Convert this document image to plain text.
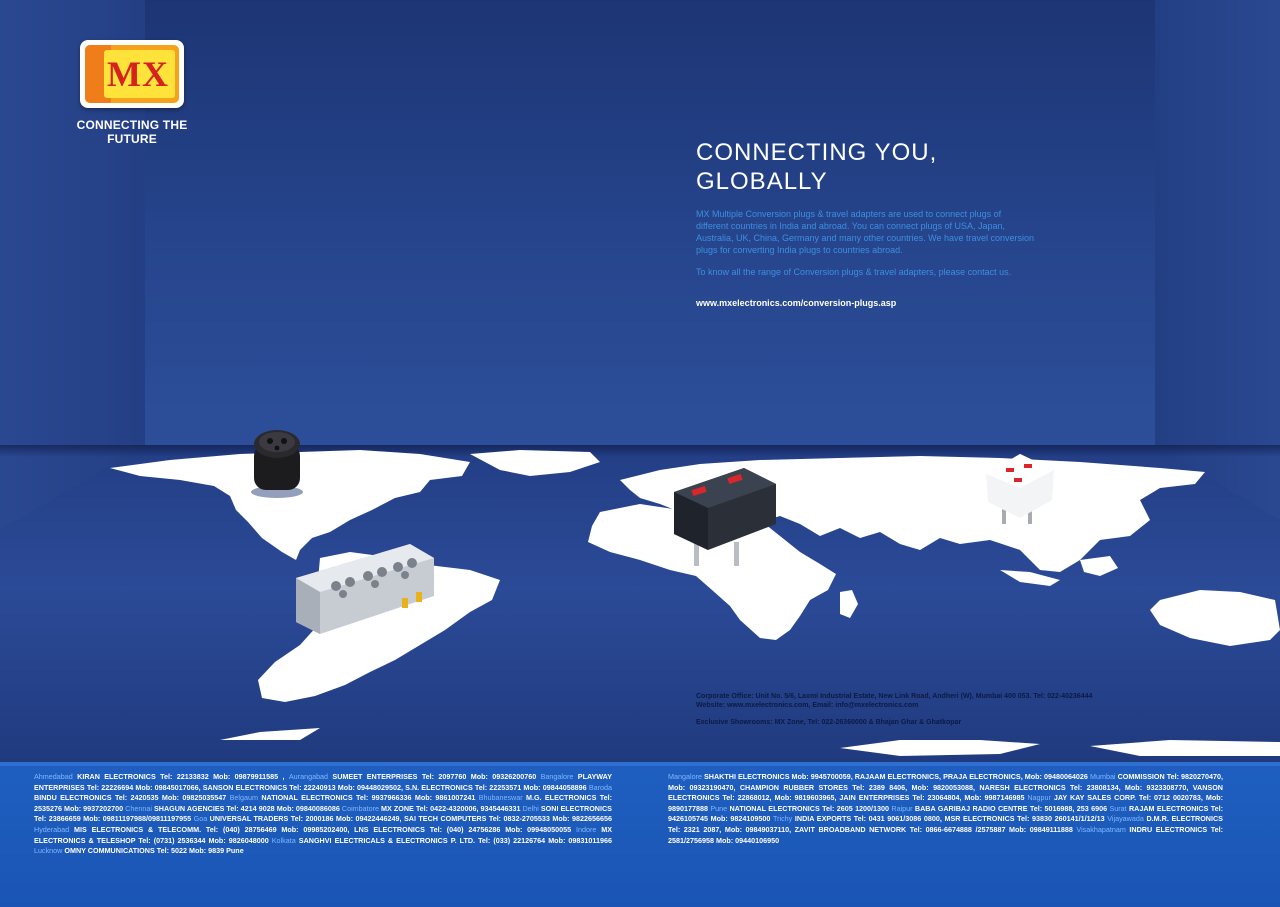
MX
CONNECTING THE FUTURE	CONNECTING YOU,
GLOBALLY

MX Multiple Conversion plugs & travel adapters are used to connect plugs of different countries in India and abroad. You can connect plugs of USA, Japan, Australia, UK, China, Germany and many other countries. We have travel conversion plugs for converting India plugs to countries abroad.

To know all the range of Conversion plugs & travel adapters, please contact us.

www.mxelectronics.com/conversion-plugs.asp

Corporate Office: Unit No. 5/6, Laxmi Industrial Estate, New Link Road, Andheri (W), Mumbai 400 053. Tel: 022-40236444
Website: www.mxelectronics.com, Email: info@mxelectronics.com

Exclusive Showrooms: MX Zone, Tel: 022-26360000 & Bhajan Ghar & Ghatkopar

Ahmedabad KIRAN ELECTRONICS Tel: 22133832 Mob: 09879911585 , Aurangabad SUMEET ENTERPRISES Tel: 2097760 Mob: 09326200760 Bangalore PLAYWAY ENTERPRISES Tel: 22226694 Mob: 09845017066, SANSON ELECTRONICS Tel: 22240913 Mob: 09448029502, S.N. ELECTRONICS Tel: 22253571 Mob: 09844058896 Baroda BINDU ELECTRONICS Tel: 2420535 Mob: 09825035547 Belgaum NATIONAL ELECTRONICS Tel: 9937966336 Mob: 9861007241 Bhubaneswar M.G. ELECTRONICS Tel: 2535276 Mob: 9937202700 Chennai SHAGUN AGENCIES Tel: 4214 9028 Mob: 09840086086 Coimbatore MX ZONE Tel: 0422-4320006, 9345446331 Delhi SONI ELECTRONICS Tel: 23866659 Mob: 09811197988/09811197955 Goa UNIVERSAL TRADERS Tel: 2000186 Mob: 09422446249, SAI TECH COMPUTERS Tel: 0832-2705533 Mob: 9822656656 Hyderabad MIS ELECTRONICS & TELECOMM. Tel: (040) 28756469 Mob: 09985202400, LNS ELECTRONICS Tel: (040) 24756286 Mob: 09948050055 Indore MX ELECTRONICS & TELESHOP Tel: (0731) 2536344 Mob: 9826048000 Kolkata SANGHVI ELECTRICALS & ELECTRONICS P. LTD. Tel: (033) 22126764 Mob: 09831011966 Lucknow OMNY COMMUNICATIONS Tel: 5022 Mob: 9839 Pune
Mangalore SHAKTHI ELECTRONICS Mob: 9945700059, RAJAAM ELECTRONICS, PRAJA ELECTRONICS, Mob: 09480064026 Mumbai COMMISSION Tel: 9820270470, Mob: 09323190470, CHAMPION RUBBER STORES Tel: 2389 8406, Mob: 9820053088, NARESH ELECTRONICS Tel: 23808134, Mob: 9323308770, VANSON ELECTRONICS Tel: 22868012, Mob: 9819603965, JAIN ENTERPRISES Tel: 23064804, Mob: 9987146985 Nagpur JAY KAY SALES CORP. Tel: 0712 0020783, Mob: 9890177888 Pune NATIONAL ELECTRONICS Tel: 2605 1200/1300 Raipur BABA GARIBAJ RADIO CENTRE Tel: 5016988, 253 6906 Surat RAJAM ELECTRONICS Tel: 9426105745 Mob: 9824109500 Trichy INDIA EXPORTS Tel: 0431 9061/3086 0800, MSR ELECTRONICS Tel: 93830 260141/1/12/13 Vijayawada D.M.R. ELECTRONICS Tel: 2321 2087, Mob: 09849037110, ZAVIT BROADBAND NETWORK Tel: 0866-6674888 /2575887 Mob: 09849111888 Visakhapatnam INDRU ELECTRONICS Tel: 2581/2756958 Mob: 09440106950
